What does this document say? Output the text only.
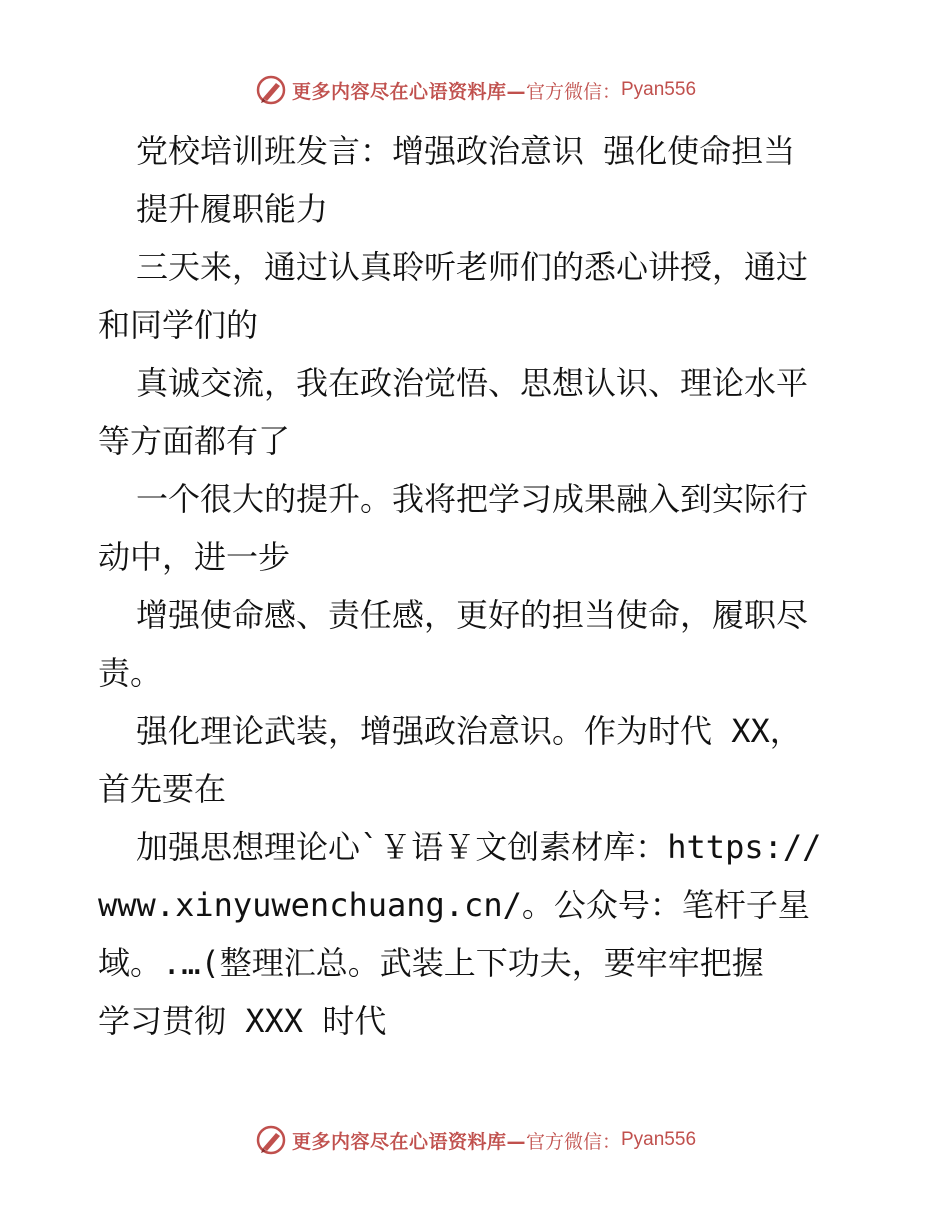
更多内容尽在心语资料库— 官方微信： Pyan556
党校培训班发言：增强政治意识 强化使命担当
提升履职能力
三天来，通过认真聆听老师们的悉心讲授，通过
和同学们的
真诚交流，我在政治觉悟、思想认识、理论水平
等方面都有了
一个很大的提升。我将把学习成果融入到实际行
动中，进一步
增强使命感、责任感，更好的担当使命，履职尽
责。
强化理论武装，增强政治意识。作为时代 XX，
首先要在
加强思想理论心`￥语￥文创素材库：https://
www.xinyuwenchuang.cn/。公众号：笔杆子星
域。.…(整理汇总。武装上下功夫，要牢牢把握
学习贯彻 XXX 时代
更多内容尽在心语资料库— 官方微信： Pyan556
